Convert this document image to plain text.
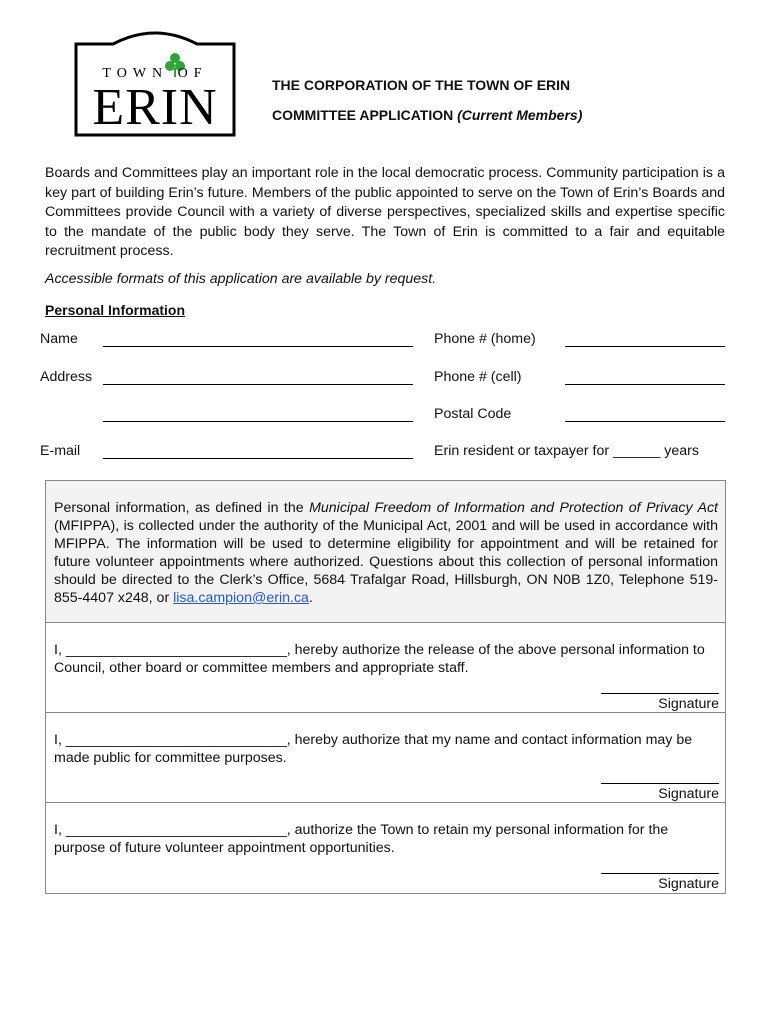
TOWN OF
ERIN	THE CORPORATION OF THE TOWN OF ERIN
COMMITTEE APPLICATION (Current Members)
Boards and Committees play an important role in the local democratic process. Community participation is a key part of building Erin’s future. Members of the public appointed to serve on the Town of Erin’s Boards and Committees provide Council with a variety of diverse perspectives, specialized skills and expertise specific to the mandate of the public body they serve. The Town of Erin is committed to a fair and equitable recruitment process.
Accessible formats of this application are available by request.
Personal Information
Name	Phone # (home)
Address	Phone # (cell)
Postal Code
E-mail	Erin resident or taxpayer for ______ years
Personal information, as defined in the Municipal Freedom of Information and Protection of Privacy Act (MFIPPA), is collected under the authority of the Municipal Act, 2001 and will be used in accordance with MFIPPA. The information will be used to determine eligibility for appointment and will be retained for future volunteer appointments where authorized. Questions about this collection of personal information should be directed to the Clerk’s Office, 5684 Trafalgar Road, Hillsburgh, ON N0B 1Z0, Telephone 519-855-4407 x248, or lisa.campion@erin.ca.
I, ____________________________, hereby authorize the release of the above personal information to Council, other board or committee members and appropriate staff.
Signature
I, ____________________________, hereby authorize that my name and contact information may be made public for committee purposes.
Signature
I, ____________________________, authorize the Town to retain my personal information for the purpose of future volunteer appointment opportunities.
Signature
